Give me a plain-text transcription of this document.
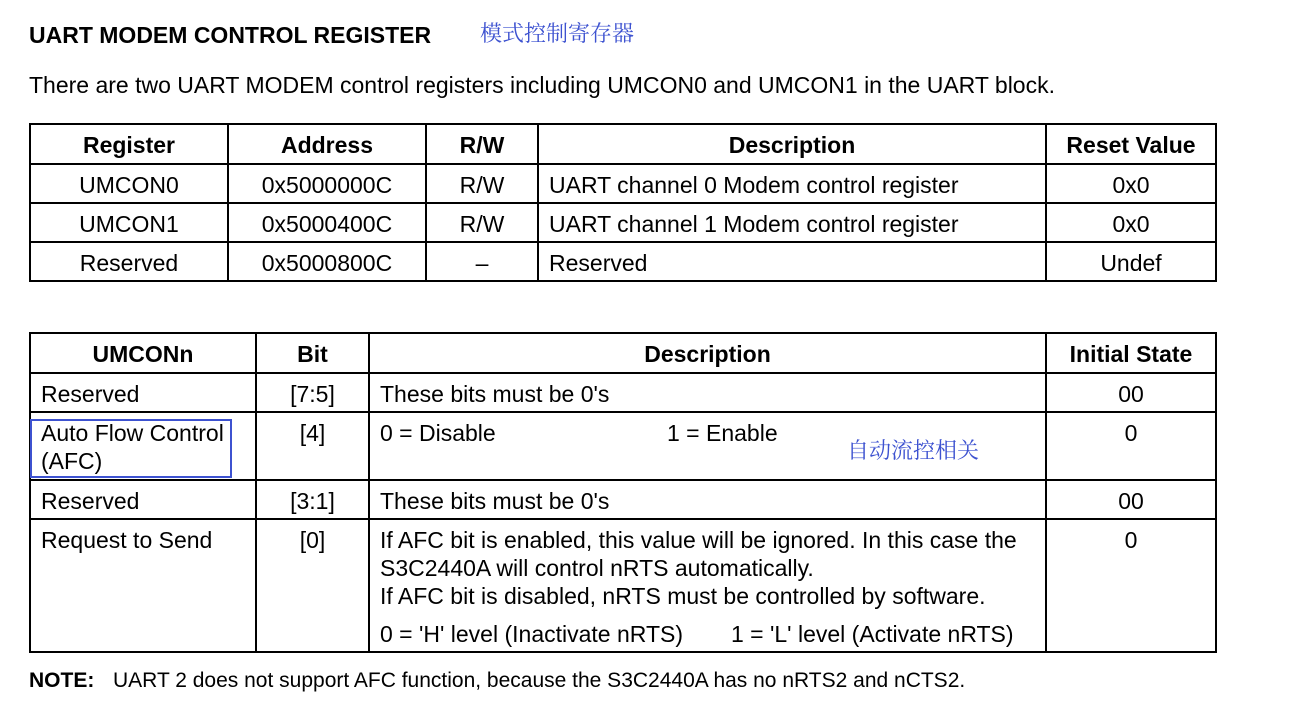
UART MODEM CONTROL REGISTER 模式控制寄存器
There are two UART MODEM control registers including UMCON0 and UMCON1 in the UART block.
Register	Address	R/W	Description	Reset Value
UMCON0	0x5000000C	R/W	UART channel 0 Modem control register	0x0
UMCON1	0x5000400C	R/W	UART channel 1 Modem control register	0x0
Reserved	0x5000800C	–	Reserved	Undef
UMCONn	Bit	Description	Initial State
Reserved	[7:5]	These bits must be 0's	00
Auto Flow Control (AFC)	[4]	0 = Disable 1 = Enable	0
Reserved	[3:1]	These bits must be 0's	00
Request to Send	[0]	If AFC bit is enabled, this value will be ignored. In this case the
S3C2440A will control nRTS automatically.
If AFC bit is disabled, nRTS must be controlled by software.
0 = 'H' level (Inactivate nRTS) 1 = 'L' level (Activate nRTS)	0
自动流控相关
NOTE: UART 2 does not support AFC function, because the S3C2440A has no nRTS2 and nCTS2.
